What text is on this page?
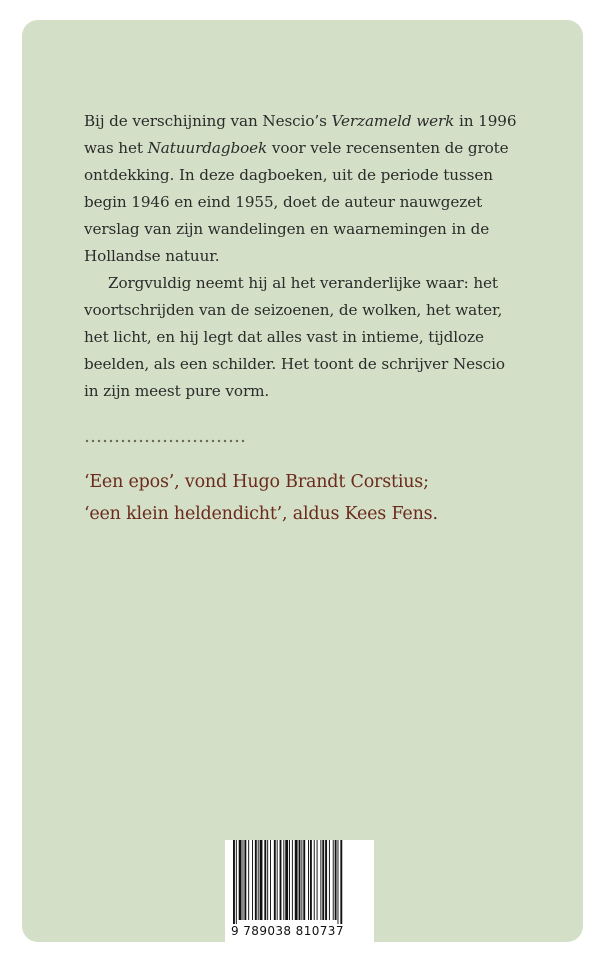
Bij de verschijning van Nescio’s Verzameld werk in 1996
was het Natuurdagboek voor vele recensenten de grote
ontdekking. In deze dagboeken, uit de periode tussen
begin 1946 en eind 1955, doet de auteur nauwgezet
verslag van zijn wandelingen en waarnemingen in de
Hollandse natuur.

Zorgvuldig neemt hij al het veranderlijke waar: het
voortschrijden van de seizoenen, de wolken, het water,
het licht, en hij legt dat alles vast in intieme, tijdloze
beelden, als een schilder. Het toont de schrijver Nescio
in zijn meest pure vorm.

‘Een epos’, vond Hugo Brandt Corstius;
‘een klein heldendicht’, aldus Kees Fens.
9 789038 810737
